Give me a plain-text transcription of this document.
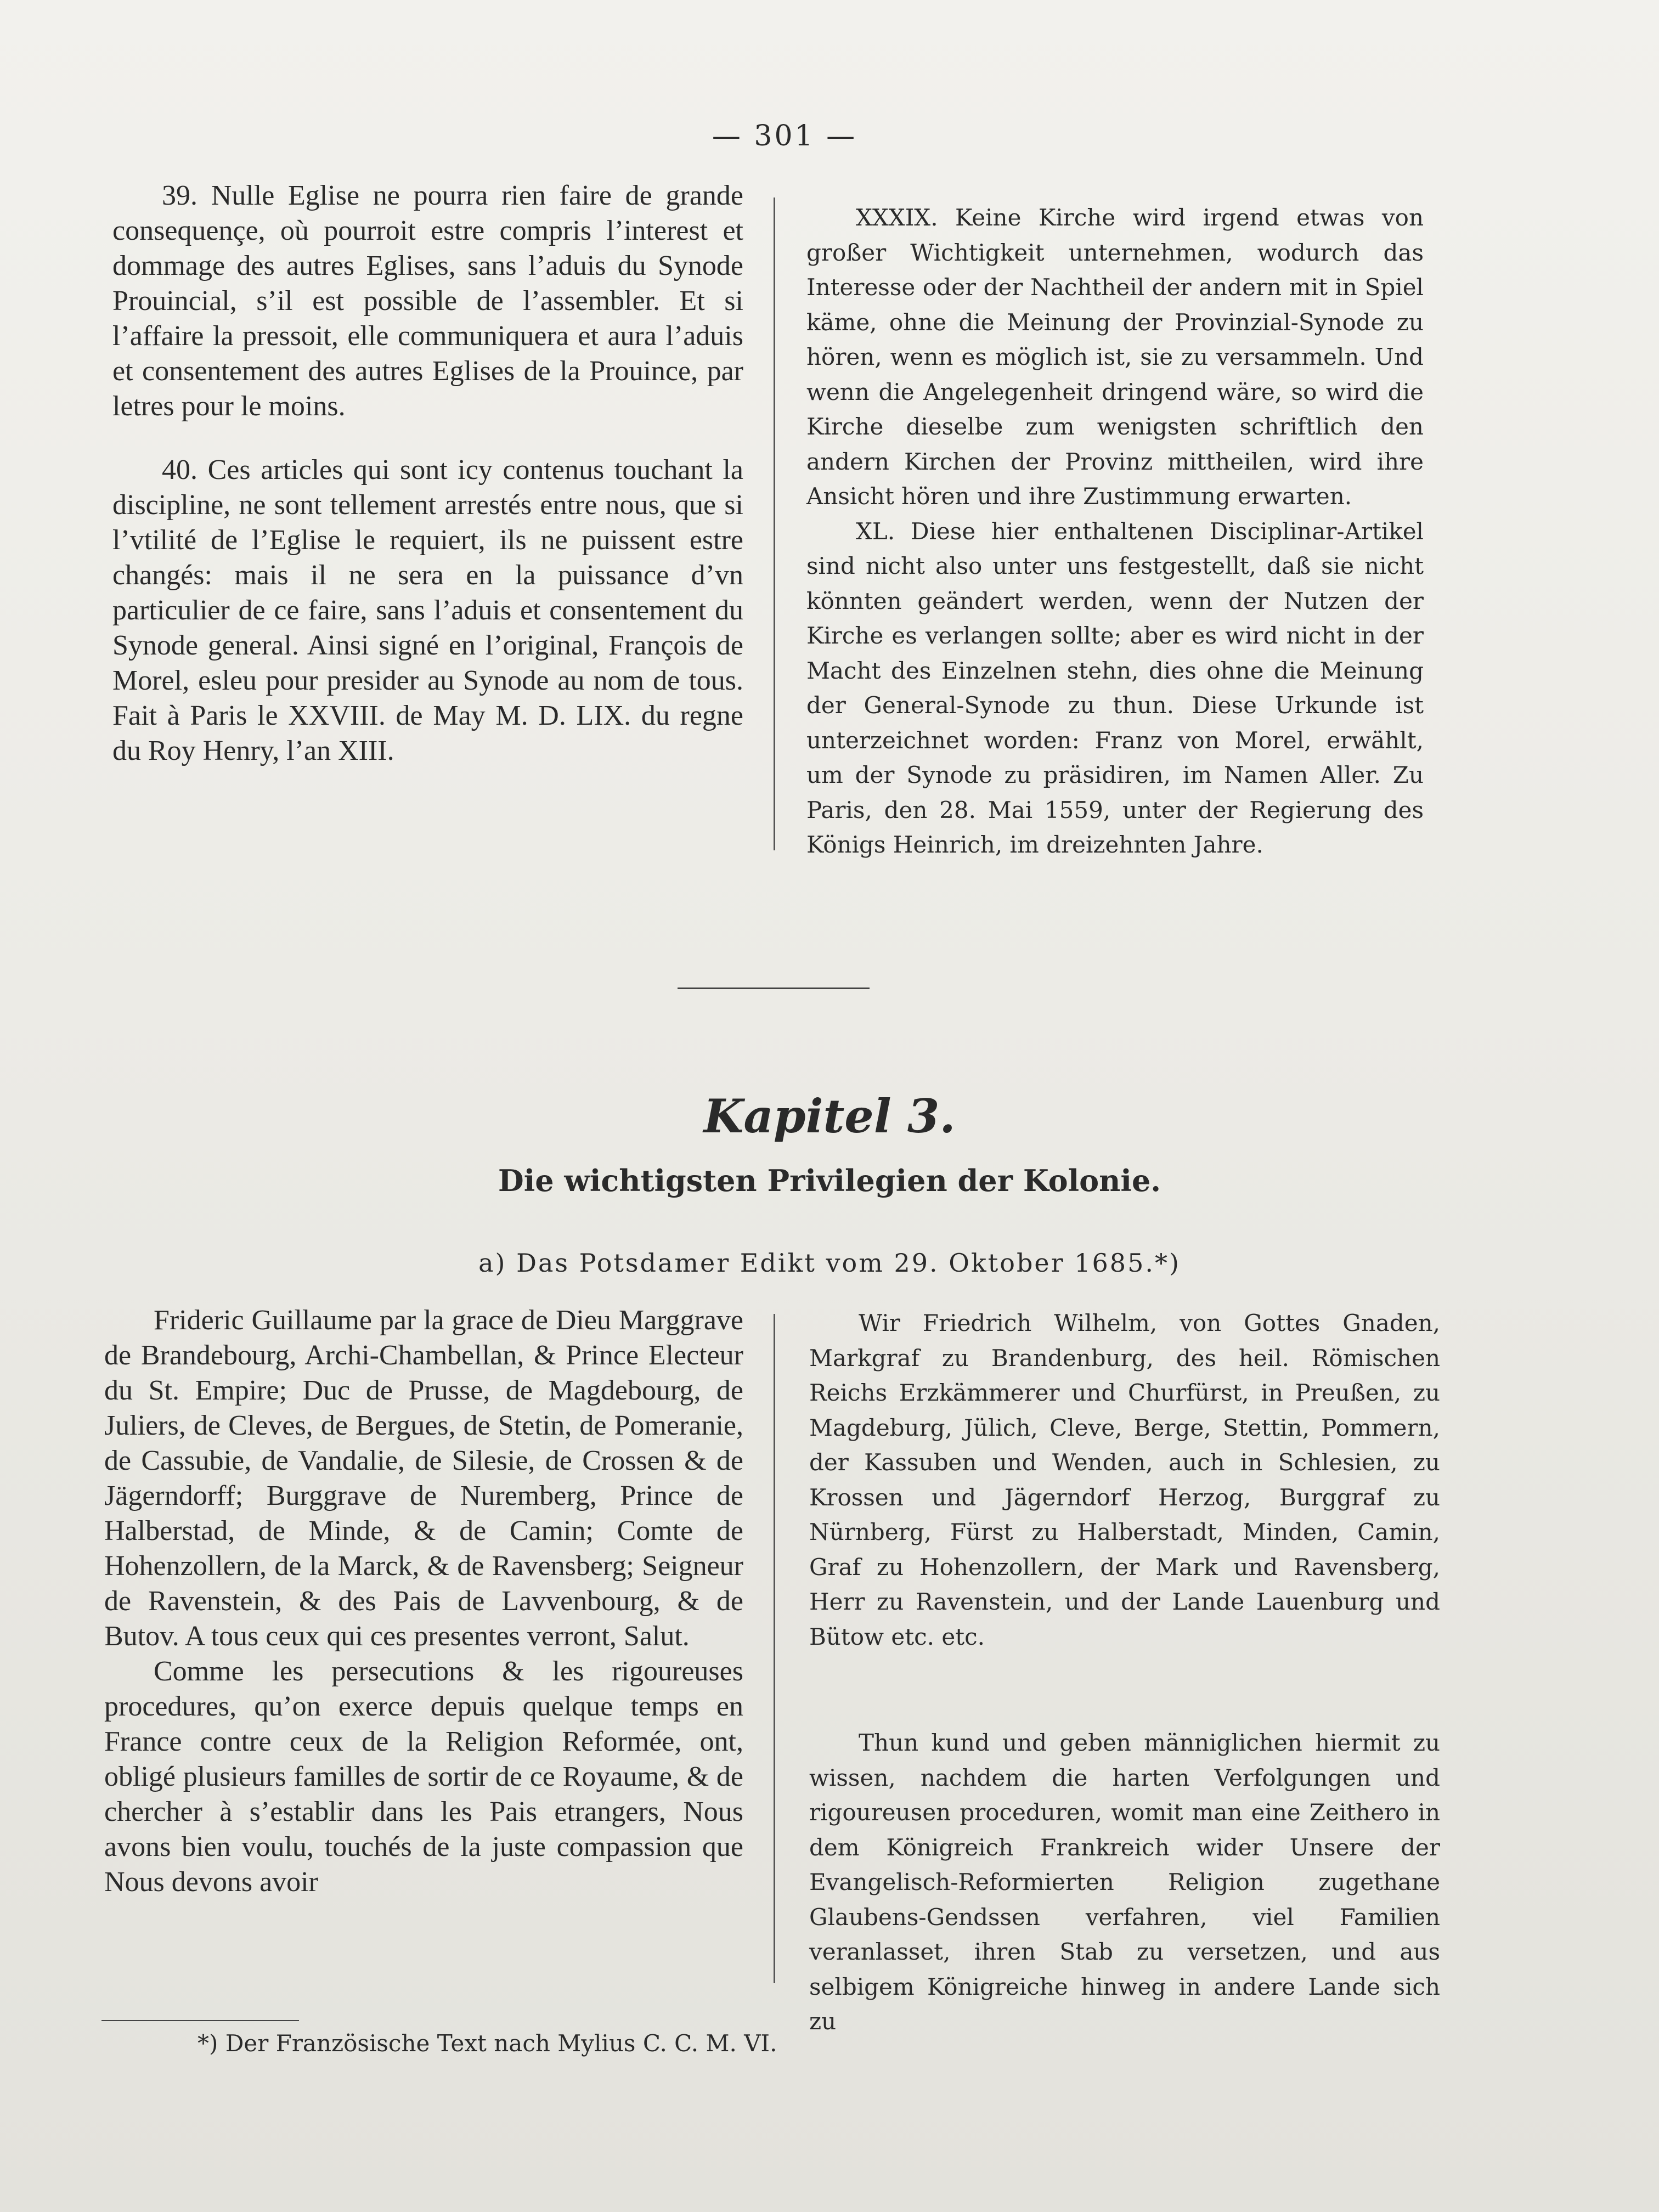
— 301 —

39. Nulle Eglise ne pourra rien faire de grande consequençe, où pourroit estre compris l’interest et dommage des autres Eglises, sans l’aduis du Synode Prouincial, s’il est possible de l’assembler. Et si l’affaire la pressoit, elle communiquera et aura l’aduis et consentement des autres Eglises de la Prouince, par letres pour le moins.

40. Ces articles qui sont icy contenus touchant la discipline, ne sont tellement arrestés entre nous, que si l’vtilité de l’Eglise le requiert, ils ne puissent estre changés: mais il ne sera en la puissance d’vn particulier de ce faire, sans l’aduis et consentement du Synode general. Ainsi signé en l’original, François de Morel, esleu pour presider au Synode au nom de tous. Fait à Paris le XXVIII. de May M. D. LIX. du regne du Roy Henry, l’an XIII.

XXXIX. Keine Kirche wird irgend etwas von großer Wichtigkeit unternehmen, wodurch das Interesse oder der Nachtheil der andern mit in Spiel käme, ohne die Meinung der Provinzial-Synode zu hören, wenn es möglich ist, sie zu versammeln. Und wenn die Angelegenheit dringend wäre, so wird die Kirche dieselbe zum wenigsten schriftlich den andern Kirchen der Provinz mittheilen, wird ihre Ansicht hören und ihre Zustimmung erwarten.

XL. Diese hier enthaltenen Disciplinar-Artikel sind nicht also unter uns festgestellt, daß sie nicht könnten geändert werden, wenn der Nutzen der Kirche es verlangen sollte; aber es wird nicht in der Macht des Einzelnen stehn, dies ohne die Meinung der General-Synode zu thun. Diese Urkunde ist unterzeichnet worden: Franz von Morel, erwählt, um der Synode zu präsidiren, im Namen Aller. Zu Paris, den 28. Mai 1559, unter der Regierung des Königs Heinrich, im dreizehnten Jahre.

Kapitel 3.
Die wichtigsten Privilegien der Kolonie.
a) Das Potsdamer Edikt vom 29. Oktober 1685.*)

Frideric Guillaume par la grace de Dieu Marggrave de Brandebourg, Archi-Chambellan, & Prince Electeur du St. Empire; Duc de Prusse, de Magdebourg, de Juliers, de Cleves, de Bergues, de Stetin, de Pomeranie, de Cassubie, de Vandalie, de Silesie, de Crossen & de Jägerndorff; Burggrave de Nuremberg, Prince de Halberstad, de Minde, & de Camin; Comte de Hohenzollern, de la Marck, & de Ravensberg; Seigneur de Ravenstein, & des Pais de Lavvenbourg, & de Butov. A tous ceux qui ces presentes verront, Salut.

Comme les persecutions & les rigoureuses procedures, qu’on exerce depuis quelque temps en France contre ceux de la Religion Reformée, ont, obligé plusieurs familles de sortir de ce Royaume, & de chercher à s’establir dans les Pais etrangers, Nous avons bien voulu, touchés de la juste compassion que Nous devons avoir

Wir Friedrich Wilhelm, von Gottes Gnaden, Markgraf zu Brandenburg, des heil. Römischen Reichs Erzkämmerer und Churfürst, in Preußen, zu Magdeburg, Jülich, Cleve, Berge, Stettin, Pommern, der Kassuben und Wenden, auch in Schlesien, zu Krossen und Jägerndorf Herzog, Burggraf zu Nürnberg, Fürst zu Halberstadt, Minden, Camin, Graf zu Hohenzollern, der Mark und Ravensberg, Herr zu Ravenstein, und der Lande Lauenburg und Bütow etc. etc.

Thun kund und geben männiglichen hiermit zu wissen, nachdem die harten Verfolgungen und rigoureusen proceduren, womit man eine Zeithero in dem Königreich Frankreich wider Unsere der Evangelisch-Reformierten Religion zugethane Glaubens-Gendssen verfahren, viel Familien veranlasset, ihren Stab zu versetzen, und aus selbigem Königreiche hinweg in andere Lande sich zu

*) Der Französische Text nach Mylius C. C. M. VI.
